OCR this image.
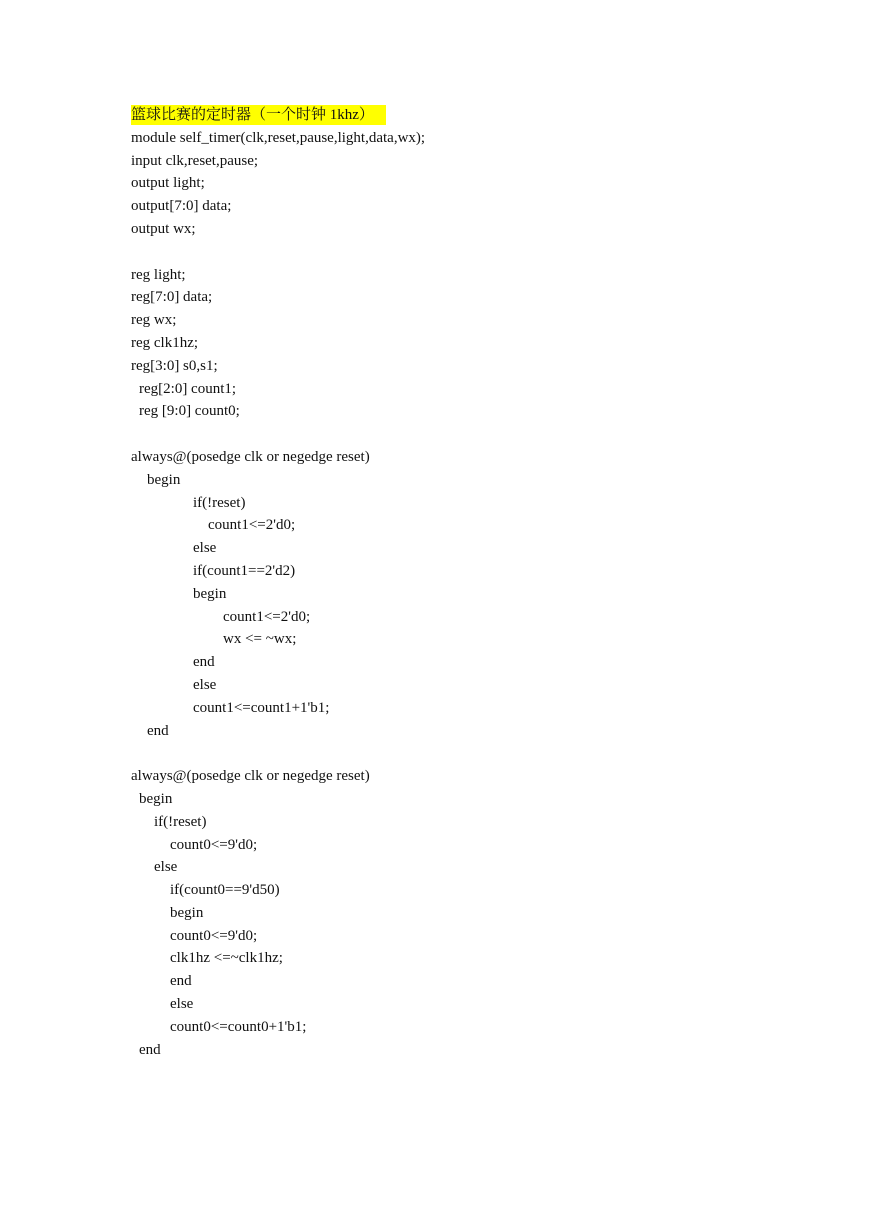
篮球比赛的定时器（一个时钟 1khz）
module self_timer(clk,reset,pause,light,data,wx);
input clk,reset,pause;
output light;
output[7:0] data;
output wx;
reg light;
reg[7:0] data;
reg wx;
reg clk1hz;
reg[3:0] s0,s1;
reg[2:0] count1;
reg [9:0] count0;
always@(posedge clk or negedge reset)
begin
if(!reset)
count1<=2'd0;
else
if(count1==2'd2)
begin
count1<=2'd0;
wx <= ~wx;
end
else
count1<=count1+1'b1;
end
always@(posedge clk or negedge reset)
begin
if(!reset)
count0<=9'd0;
else
if(count0==9'd50)
begin
count0<=9'd0;
clk1hz <=~clk1hz;
end
else
count0<=count0+1'b1;
end
